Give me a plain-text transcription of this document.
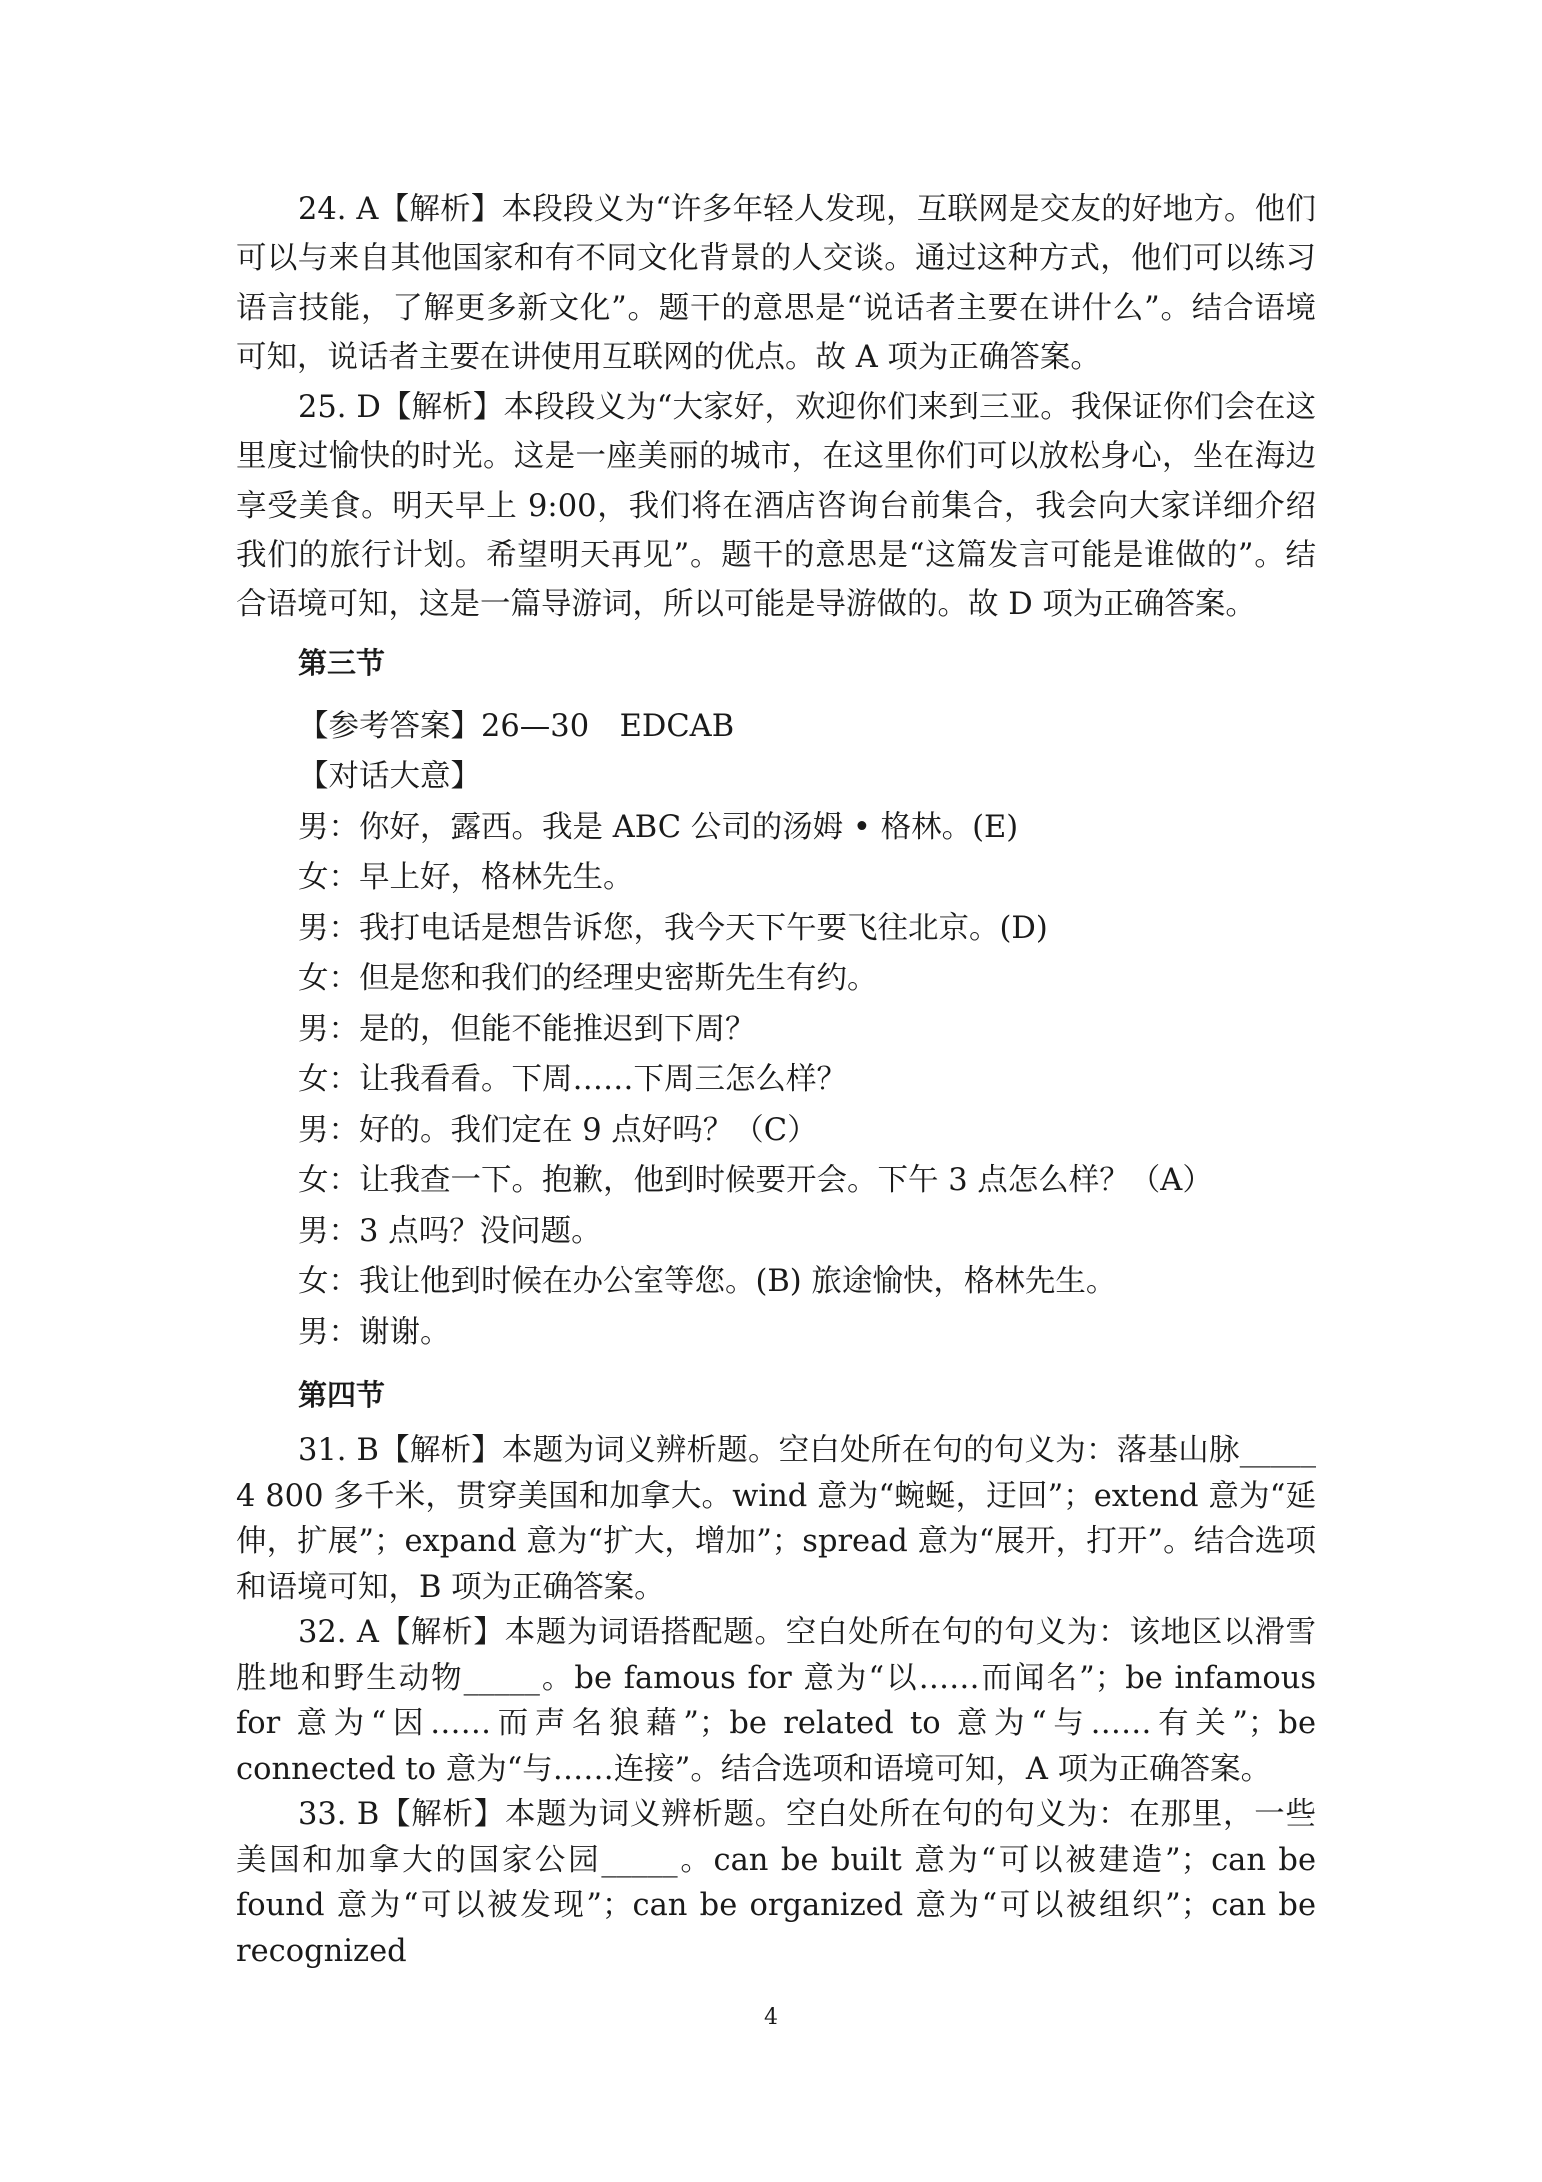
24. A【解析】本段段义为“许多年轻人发现，互联网是交友的好地方。他们可以与来自其他国家和有不同文化背景的人交谈。通过这种方式，他们可以练习语言技能，了解更多新文化”。题干的意思是“说话者主要在讲什么”。结合语境可知，说话者主要在讲使用互联网的优点。故 A 项为正确答案。

25. D【解析】本段段义为“大家好，欢迎你们来到三亚。我保证你们会在这里度过愉快的时光。这是一座美丽的城市，在这里你们可以放松身心，坐在海边享受美食。明天早上 9:00，我们将在酒店咨询台前集合，我会向大家详细介绍我们的旅行计划。希望明天再见”。题干的意思是“这篇发言可能是谁做的”。结合语境可知，这是一篇导游词，所以可能是导游做的。故 D 项为正确答案。

第三节
【参考答案】26—30　EDCAB
【对话大意】
男：你好，露西。我是 ABC 公司的汤姆 • 格林。(E)
女：早上好，格林先生。
男：我打电话是想告诉您，我今天下午要飞往北京。(D)
女：但是您和我们的经理史密斯先生有约。
男：是的，但能不能推迟到下周？
女：让我看看。下周……下周三怎么样？
男：好的。我们定在 9 点好吗？（C）
女：让我查一下。抱歉，他到时候要开会。下午 3 点怎么样？（A）
男：3 点吗？没问题。
女：我让他到时候在办公室等您。(B) 旅途愉快，格林先生。
男：谢谢。
第四节

31. B【解析】本题为词义辨析题。空白处所在句的句义为：落基山脉_____ 4 800 多千米，贯穿美国和加拿大。wind 意为“蜿蜒，迂回”；extend 意为“延伸，扩展”；expand 意为“扩大，增加”；spread 意为“展开，打开”。结合选项和语境可知，B 项为正确答案。

32. A【解析】本题为词语搭配题。空白处所在句的句义为：该地区以滑雪胜地和野生动物_____。be famous for 意为“以……而闻名”；be infamous for 意为“因……而声名狼藉”；be related to 意为“与……有关”；be connected to 意为“与……连接”。结合选项和语境可知，A 项为正确答案。

33. B【解析】本题为词义辨析题。空白处所在句的句义为：在那里，一些美国和加拿大的国家公园_____。can be built 意为“可以被建造”；can be found 意为“可以被发现”；can be organized 意为“可以被组织”；can be recognized

4
